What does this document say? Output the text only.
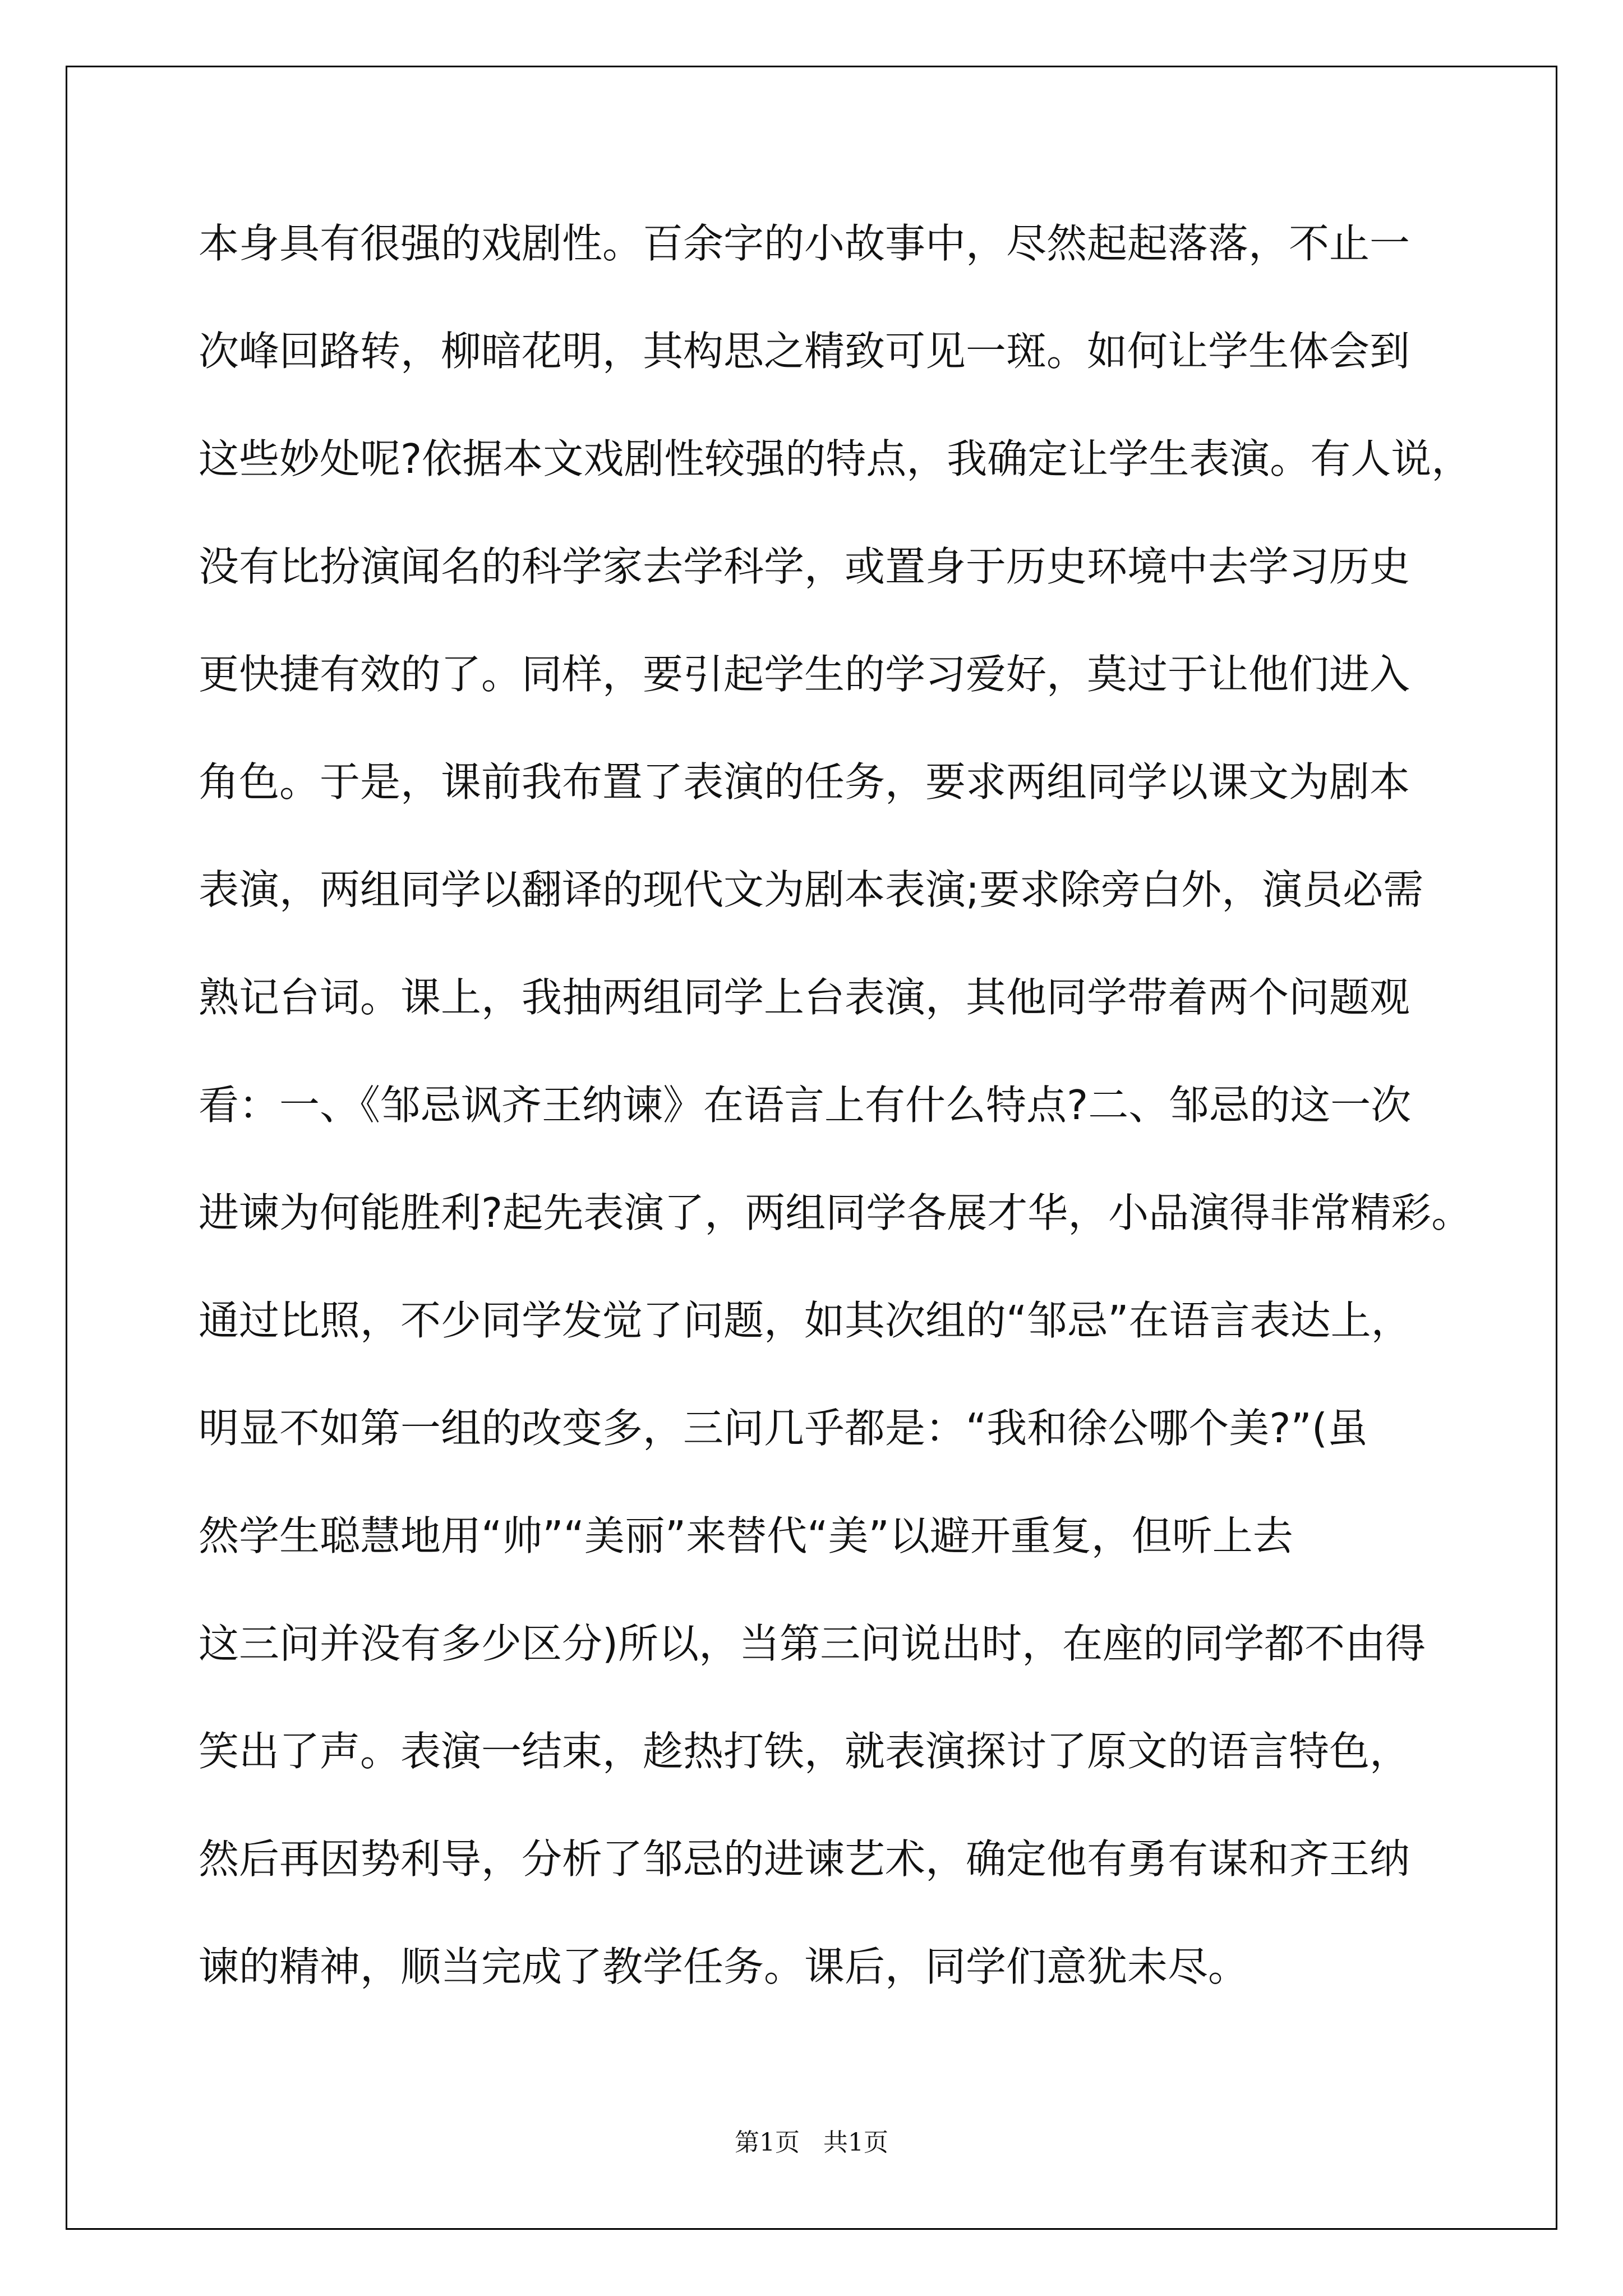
本身具有很强的戏剧性。百余字的小故事中，尽然起起落落，不止一
次峰回路转，柳暗花明，其构思之精致可见一斑。如何让学生体会到
这些妙处呢?依据本文戏剧性较强的特点，我确定让学生表演。有人说，
没有比扮演闻名的科学家去学科学，或置身于历史环境中去学习历史
更快捷有效的了。同样，要引起学生的学习爱好，莫过于让他们进入
角色。于是，课前我布置了表演的任务，要求两组同学以课文为剧本
表演，两组同学以翻译的现代文为剧本表演;要求除旁白外，演员必需
熟记台词。课上，我抽两组同学上台表演，其他同学带着两个问题观
看：一、《邹忌讽齐王纳谏》在语言上有什么特点?二、邹忌的这一次
进谏为何能胜利?起先表演了，两组同学各展才华，小品演得非常精彩。
通过比照，不少同学发觉了问题，如其次组的“邹忌”在语言表达上，
明显不如第一组的改变多，三问几乎都是：“我和徐公哪个美?”(虽
然学生聪慧地用“帅”“美丽”来替代“美”以避开重复，但听上去
这三问并没有多少区分)所以，当第三问说出时，在座的同学都不由得
笑出了声。表演一结束，趁热打铁，就表演探讨了原文的语言特色，
然后再因势利导，分析了邹忌的进谏艺术，确定他有勇有谋和齐王纳
谏的精神，顺当完成了教学任务。课后，同学们意犹未尽。
第1页   共1页
